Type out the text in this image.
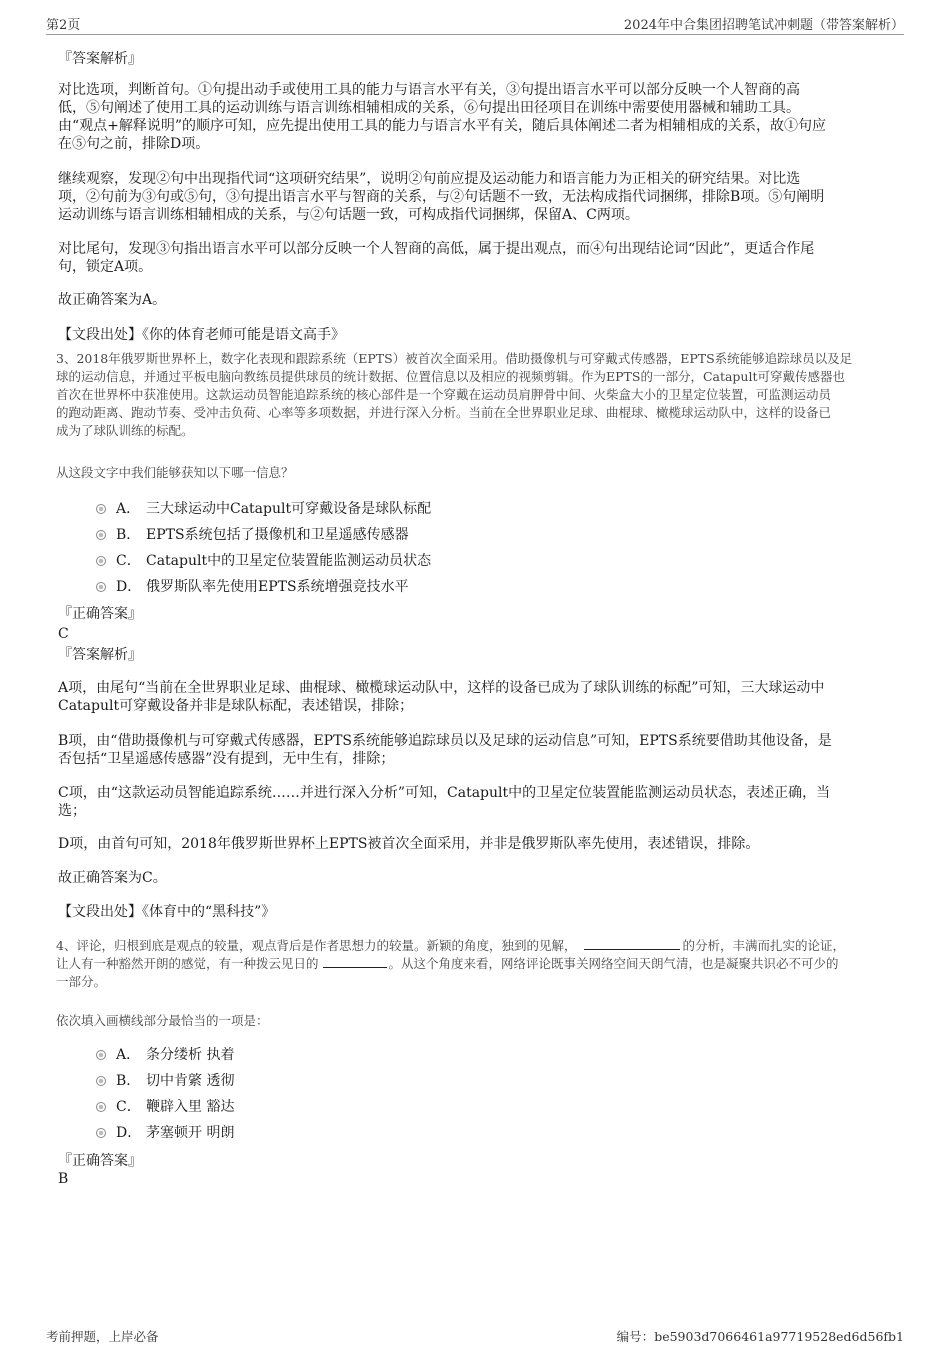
第2页	2024年中合集团招聘笔试冲刺题（带答案解析）
『答案解析』
对比选项，判断首句。①句提出动手或使用工具的能力与语言水平有关，③句提出语言水平可以部分反映一个人智商的高
低，⑤句阐述了使用工具的运动训练与语言训练相辅相成的关系，⑥句提出田径项目在训练中需要使用器械和辅助工具。
由“观点+解释说明”的顺序可知，应先提出使用工具的能力与语言水平有关，随后具体阐述二者为相辅相成的关系，故①句应
在⑤句之前，排除D项。
继续观察，发现②句中出现指代词“这项研究结果”，说明②句前应提及运动能力和语言能力为正相关的研究结果。对比选
项，②句前为③句或⑤句，③句提出语言水平与智商的关系，与②句话题不一致，无法构成指代词捆绑，排除B项。⑤句阐明
运动训练与语言训练相辅相成的关系，与②句话题一致，可构成指代词捆绑，保留A、C两项。
对比尾句，发现③句指出语言水平可以部分反映一个人智商的高低，属于提出观点，而④句出现结论词“因此”，更适合作尾
句，锁定A项。
故正确答案为A。
【文段出处】《你的体育老师可能是语文高手》
3、2018年俄罗斯世界杯上，数字化表现和跟踪系统（EPTS）被首次全面采用。借助摄像机与可穿戴式传感器，EPTS系统能够追踪球员以及足
球的运动信息，并通过平板电脑向教练员提供球员的统计数据、位置信息以及相应的视频剪辑。作为EPTS的一部分，Catapult可穿戴传感器也
首次在世界杯中获准使用。这款运动员智能追踪系统的核心部件是一个穿戴在运动员肩胛骨中间、火柴盒大小的卫星定位装置，可监测运动员
的跑动距离、跑动节奏、受冲击负荷、心率等多项数据，并进行深入分析。当前在全世界职业足球、曲棍球、橄榄球运动队中，这样的设备已
成为了球队训练的标配。
从这段文字中我们能够获知以下哪一信息？
A． 三大球运动中Catapult可穿戴设备是球队标配
B． EPTS系统包括了摄像机和卫星遥感传感器
C． Catapult中的卫星定位装置能监测运动员状态
D． 俄罗斯队率先使用EPTS系统增强竞技水平
『正确答案』
C
『答案解析』
A项，由尾句“当前在全世界职业足球、曲棍球、橄榄球运动队中，这样的设备已成为了球队训练的标配”可知，三大球运动中
Catapult可穿戴设备并非是球队标配，表述错误，排除；
B项，由“借助摄像机与可穿戴式传感器，EPTS系统能够追踪球员以及足球的运动信息”可知，EPTS系统要借助其他设备，是
否包括“卫星遥感传感器”没有提到，无中生有，排除；
C项，由“这款运动员智能追踪系统……并进行深入分析”可知，Catapult中的卫星定位装置能监测运动员状态，表述正确，当
选；
D项，由首句可知，2018年俄罗斯世界杯上EPTS被首次全面采用，并非是俄罗斯队率先使用，表述错误，排除。
故正确答案为C。
【文段出处】《体育中的“黑科技”》
4、评论，归根到底是观点的较量，观点背后是作者思想力的较量。新颖的角度，独到的见解，	的分析，丰满而扎实的论证，
让人有一种豁然开朗的感觉，有一种拨云见日的	。从这个角度来看，网络评论既事关网络空间天朗气清，也是凝聚共识必不可少的
一部分。
依次填入画横线部分最恰当的一项是：
A． 条分缕析 执着
B． 切中肯綮 透彻
C． 鞭辟入里 豁达
D． 茅塞顿开 明朗
『正确答案』
B
考前押题，上岸必备	编号：be5903d7066461a97719528ed6d56fb1
